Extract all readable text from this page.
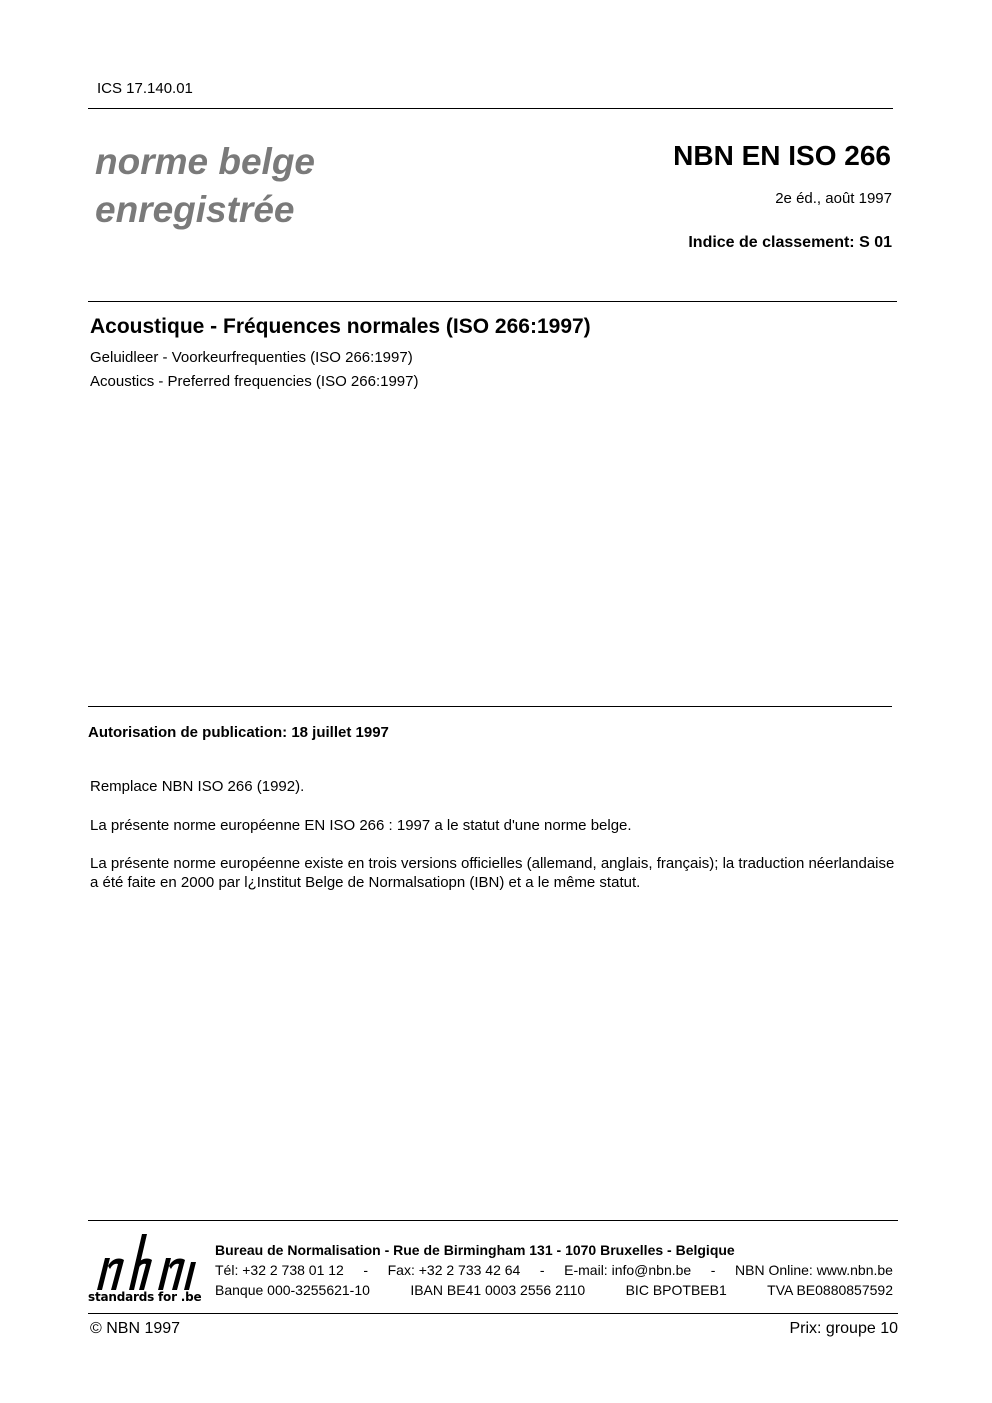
ICS 17.140.01
norme belge
enregistrée
NBN EN ISO 266
2e éd., août 1997
Indice de classement: S 01
Acoustique - Fréquences normales (ISO 266:1997)
Geluidleer - Voorkeurfrequenties (ISO 266:1997)
Acoustics - Preferred frequencies (ISO 266:1997)
Autorisation de publication: 18 juillet 1997
Remplace NBN ISO 266 (1992).
La présente norme européenne EN ISO 266 : 1997 a le statut d'une norme belge.
La présente norme européenne existe en trois versions officielles (allemand, anglais, français); la traduction néerlandaise a été faite en 2000 par l¿Institut Belge de Normalsatiopn (IBN) et a le même statut.
standards for .be
Bureau de Normalisation - Rue de Birmingham 131 - 1070 Bruxelles - Belgique
Tél: +32 2 738 01 12 - Fax: +32 2 733 42 64 - E-mail: info@nbn.be - NBN Online: www.nbn.be
Banque 000-3255621-10	IBAN BE41 0003 2556 2110	BIC BPOTBEB1	TVA BE0880857592
© NBN 1997	Prix: groupe 10
